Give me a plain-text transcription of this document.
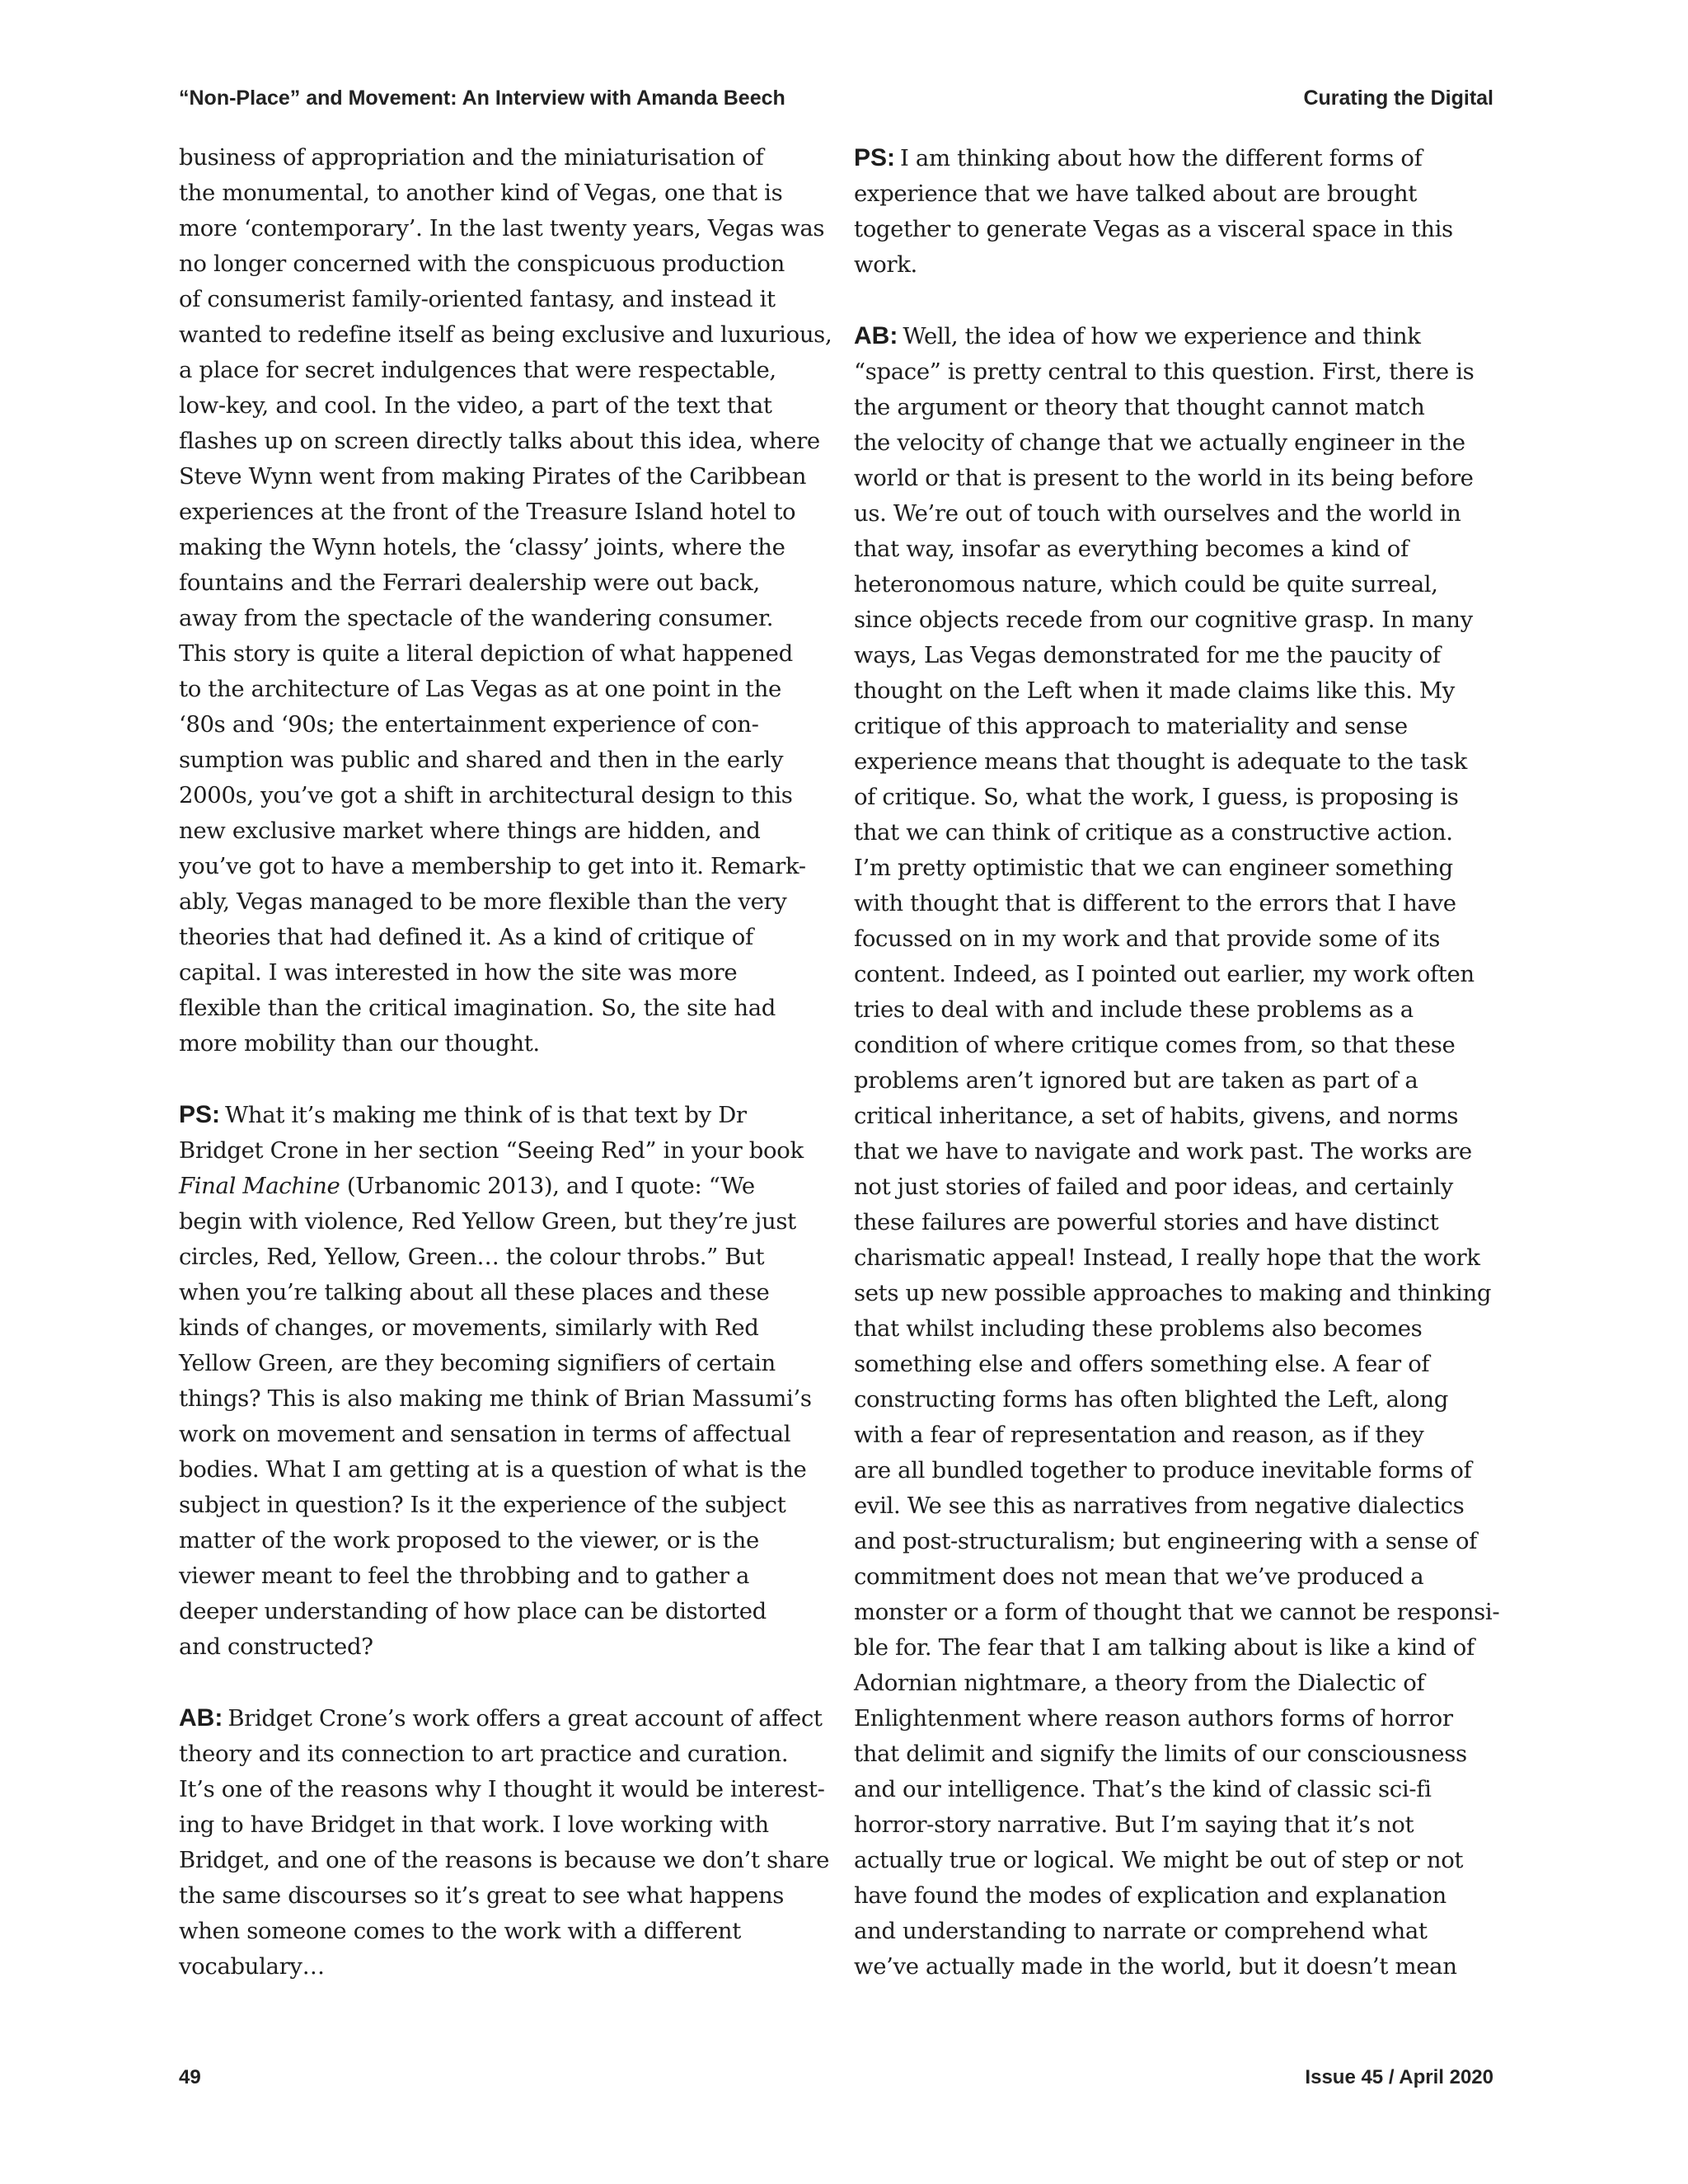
“Non-Place” and Movement: An Interview with Amanda Beech	Curating the Digital

business of appropriation and the miniaturisation of
the monumental, to another kind of Vegas, one that is
more ‘contemporary’. In the last twenty years, Vegas was
no longer concerned with the conspicuous production
of consumerist family-oriented fantasy, and instead it
wanted to redefine itself as being exclusive and luxurious,
a place for secret indulgences that were respectable,
low-key, and cool. In the video, a part of the text that
flashes up on screen directly talks about this idea, where
Steve Wynn went from making Pirates of the Caribbean
experiences at the front of the Treasure Island hotel to
making the Wynn hotels, the ‘classy’ joints, where the
fountains and the Ferrari dealership were out back,
away from the spectacle of the wandering consumer.
This story is quite a literal depiction of what happened
to the architecture of Las Vegas as at one point in the
‘80s and ‘90s; the entertainment experience of con-
sumption was public and shared and then in the early
2000s, you’ve got a shift in architectural design to this
new exclusive market where things are hidden, and
you’ve got to have a membership to get into it. Remark-
ably, Vegas managed to be more flexible than the very
theories that had defined it. As a kind of critique of
capital. I was interested in how the site was more
flexible than the critical imagination. So, the site had
more mobility than our thought.

PS: What it’s making me think of is that text by Dr
Bridget Crone in her section “Seeing Red” in your book
Final Machine (Urbanomic 2013), and I quote: “We
begin with violence, Red Yellow Green, but they’re just
circles, Red, Yellow, Green… the colour throbs.” But
when you’re talking about all these places and these
kinds of changes, or movements, similarly with Red
Yellow Green, are they becoming signifiers of certain
things? This is also making me think of Brian Massumi’s
work on movement and sensation in terms of affectual
bodies. What I am getting at is a question of what is the
subject in question? Is it the experience of the subject
matter of the work proposed to the viewer, or is the
viewer meant to feel the throbbing and to gather a
deeper understanding of how place can be distorted
and constructed?

AB: Bridget Crone’s work offers a great account of affect
theory and its connection to art practice and curation.
It’s one of the reasons why I thought it would be interest-
ing to have Bridget in that work. I love working with
Bridget, and one of the reasons is because we don’t share
the same discourses so it’s great to see what happens
when someone comes to the work with a different
vocabulary…

PS: I am thinking about how the different forms of
experience that we have talked about are brought
together to generate Vegas as a visceral space in this
work.

AB: Well, the idea of how we experience and think
“space” is pretty central to this question. First, there is
the argument or theory that thought cannot match
the velocity of change that we actually engineer in the
world or that is present to the world in its being before
us. We’re out of touch with ourselves and the world in
that way, insofar as everything becomes a kind of
heteronomous nature, which could be quite surreal,
since objects recede from our cognitive grasp. In many
ways, Las Vegas demonstrated for me the paucity of
thought on the Left when it made claims like this. My
critique of this approach to materiality and sense
experience means that thought is adequate to the task
of critique. So, what the work, I guess, is proposing is
that we can think of critique as a constructive action.
I’m pretty optimistic that we can engineer something
with thought that is different to the errors that I have
focussed on in my work and that provide some of its
content. Indeed, as I pointed out earlier, my work often
tries to deal with and include these problems as a
condition of where critique comes from, so that these
problems aren’t ignored but are taken as part of a
critical inheritance, a set of habits, givens, and norms
that we have to navigate and work past. The works are
not just stories of failed and poor ideas, and certainly
these failures are powerful stories and have distinct
charismatic appeal! Instead, I really hope that the work
sets up new possible approaches to making and thinking
that whilst including these problems also becomes
something else and offers something else. A fear of
constructing forms has often blighted the Left, along
with a fear of representation and reason, as if they
are all bundled together to produce inevitable forms of
evil. We see this as narratives from negative dialectics
and post-structuralism; but engineering with a sense of
commitment does not mean that we’ve produced a
monster or a form of thought that we cannot be responsi-
ble for. The fear that I am talking about is like a kind of
Adornian nightmare, a theory from the Dialectic of
Enlightenment where reason authors forms of horror
that delimit and signify the limits of our consciousness
and our intelligence. That’s the kind of classic sci-fi
horror-story narrative. But I’m saying that it’s not
actually true or logical. We might be out of step or not
have found the modes of explication and explanation
and understanding to narrate or comprehend what
we’ve actually made in the world, but it doesn’t mean

49	Issue 45 / April 2020
